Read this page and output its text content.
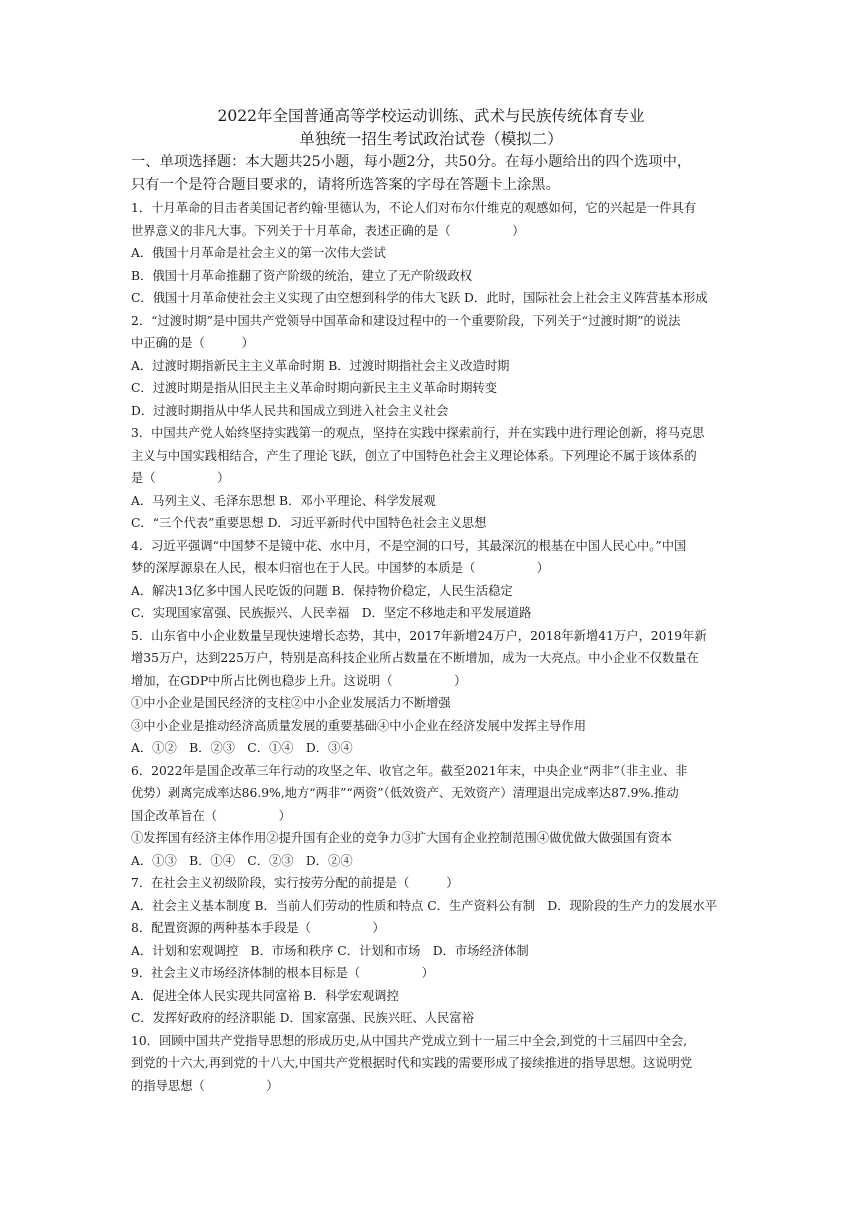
2022年全国普通高等学校运动训练、武术与民族传统体育专业
单独统一招生考试政治试卷（模拟二）
一、单项选择题：本大题共25小题，每小题2分，共50分。在每小题给出的四个选项中，
只有一个是符合题目要求的，请将所选答案的字母在答题卡上涂黑。
1．十月革命的目击者美国记者约翰·里德认为，不论人们对布尔什维克的观感如何，它的兴起是一件具有
世界意义的非凡大事。下列关于十月革命，表述正确的是（　　　　　）
A．俄国十月革命是社会主义的第一次伟大尝试
B．俄国十月革命推翻了资产阶级的统治，建立了无产阶级政权
C．俄国十月革命使社会主义实现了由空想到科学的伟大飞跃 D．此时，国际社会上社会主义阵营基本形成
2．“过渡时期”是中国共产党领导中国革命和建设过程中的一个重要阶段，下列关于“过渡时期”的说法
中正确的是（　　　）
A．过渡时期指新民主主义革命时期 B．过渡时期指社会主义改造时期
C．过渡时期是指从旧民主主义革命时期向新民主主义革命时期转变
D．过渡时期指从中华人民共和国成立到进入社会主义社会
3．中国共产党人始终坚持实践第一的观点，坚持在实践中探索前行，并在实践中进行理论创新，将马克思
主义与中国实践相结合，产生了理论飞跃，创立了中国特色社会主义理论体系。下列理论不属于该体系的
是（　　　　　）
A．马列主义、毛泽东思想 B．邓小平理论、科学发展观
C．“三个代表”重要思想 D．习近平新时代中国特色社会主义思想
4．习近平强调“中国梦不是镜中花、水中月，不是空洞的口号，其最深沉的根基在中国人民心中。”中国
梦的深厚源泉在人民，根本归宿也在于人民。中国梦的本质是（　　　　　）
A．解决13亿多中国人民吃饭的问题 B．保持物价稳定，人民生活稳定
C．实现国家富强、民族振兴、人民幸福　D．坚定不移地走和平发展道路
5．山东省中小企业数量呈现快速增长态势，其中，2017年新增24万户，2018年新增41万户，2019年新
增35万户，达到225万户，特别是高科技企业所占数量在不断增加，成为一大亮点。中小企业不仅数量在
增加，在GDP中所占比例也稳步上升。这说明（　　　　　）
①中小企业是国民经济的支柱②中小企业发展活力不断增强
③中小企业是推动经济高质量发展的重要基础④中小企业在经济发展中发挥主导作用
A．①②　B．②③　C．①④　D．③④
6．2022年是国企改革三年行动的攻坚之年、收官之年。截至2021年末，中央企业“两非”（非主业、非
优势）剥离完成率达86.9%,地方“两非”“两资”（低效资产、无效资产）清理退出完成率达87.9%.推动
国企改革旨在（　　　　　）
①发挥国有经济主体作用②提升国有企业的竞争力③扩大国有企业控制范围④做优做大做强国有资本
A．①③　B．①④　C．②③　D．②④
7．在社会主义初级阶段，实行按劳分配的前提是（　　　）
A．社会主义基本制度 B．当前人们劳动的性质和特点 C．生产资料公有制　D．现阶段的生产力的发展水平
8．配置资源的两种基本手段是（　　　　　）
A．计划和宏观调控　B．市场和秩序 C．计划和市场　D．市场经济体制
9．社会主义市场经济体制的根本目标是（　　　　　）
A．促进全体人民实现共同富裕 B．科学宏观调控
C．发挥好政府的经济职能 D．国家富强、民族兴旺、人民富裕
10．回顾中国共产党指导思想的形成历史,从中国共产党成立到十一届三中全会,到党的十三届四中全会,
到党的十六大,再到党的十八大,中国共产党根据时代和实践的需要形成了接续推进的指导思想。这说明党
的指导思想（　　　　　）
